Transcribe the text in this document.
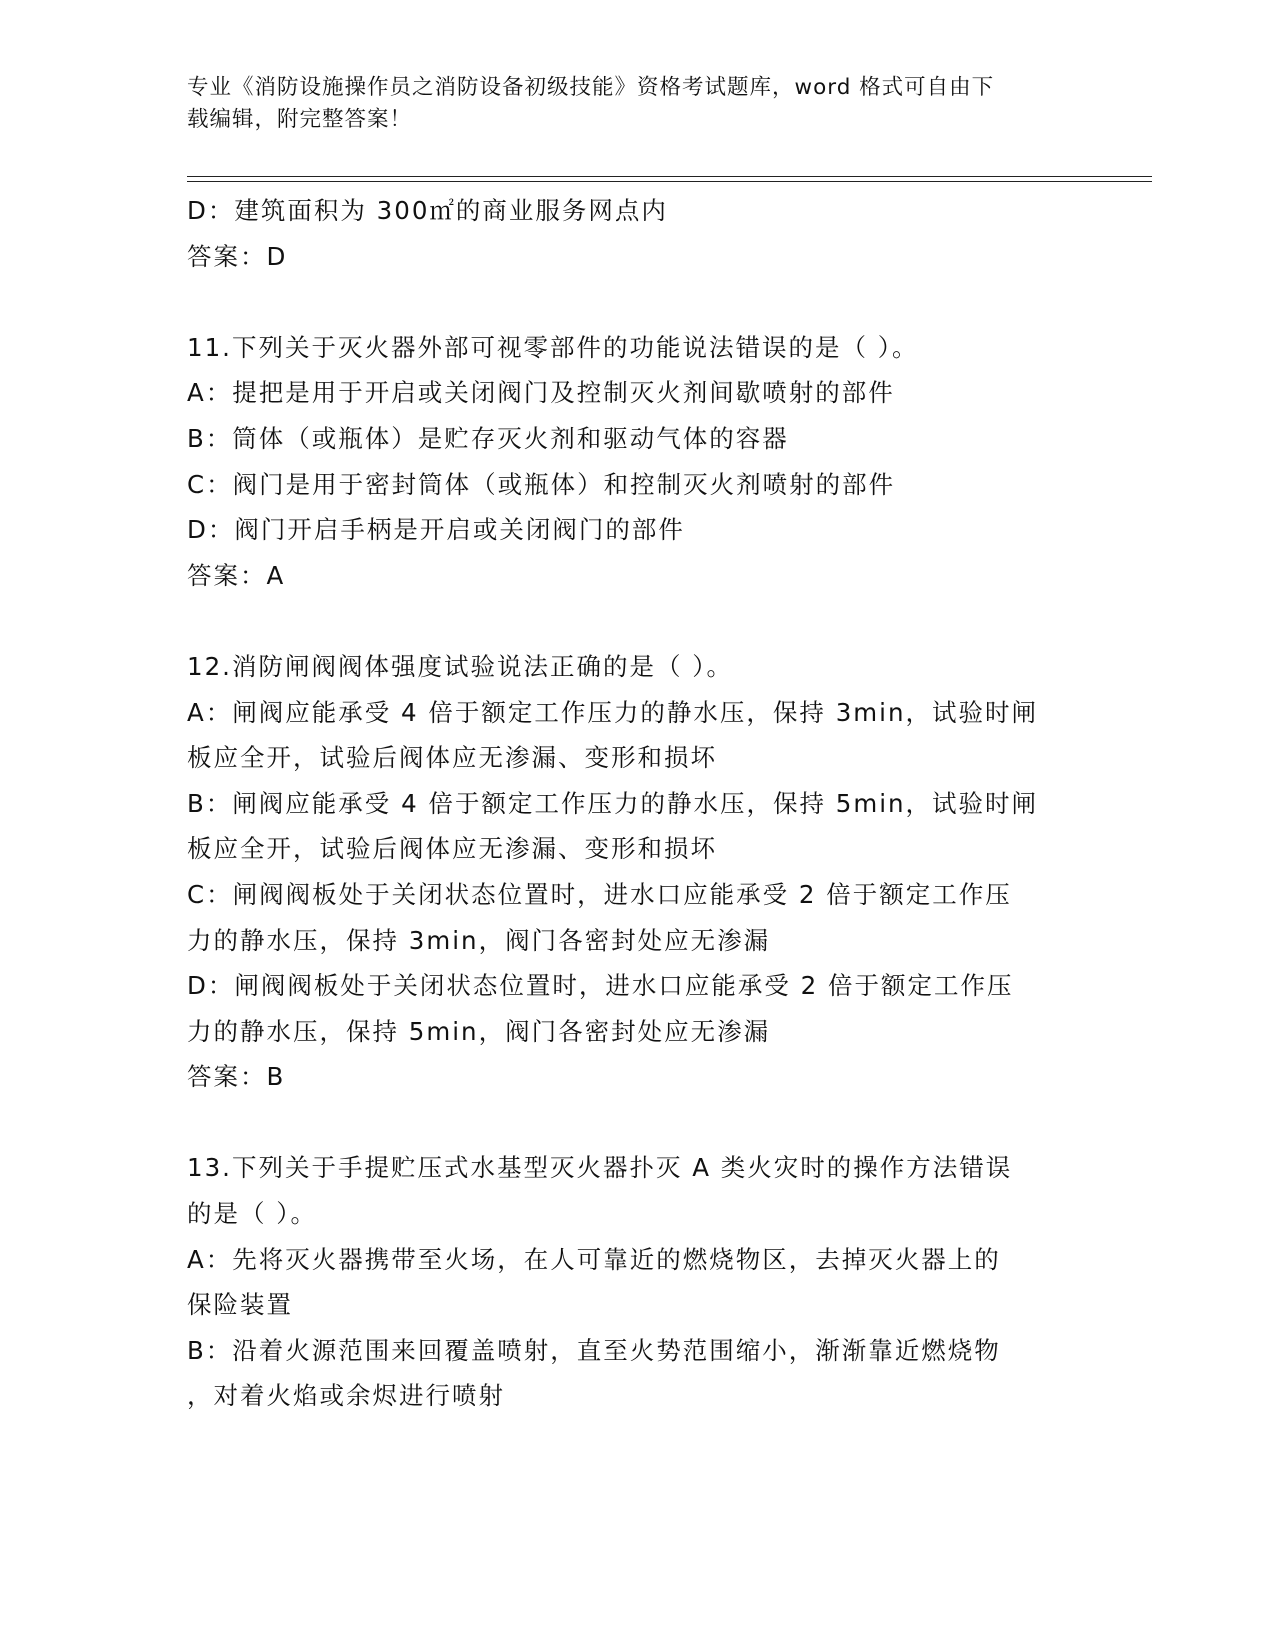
专业《消防设施操作员之消防设备初级技能》资格考试题库，word 格式可自由下
载编辑，附完整答案！
D：建筑面积为 300㎡的商业服务网点内
答案：D
11.下列关于灭火器外部可视零部件的功能说法错误的是（ ）。
A：提把是用于开启或关闭阀门及控制灭火剂间歇喷射的部件
B：筒体（或瓶体）是贮存灭火剂和驱动气体的容器
C：阀门是用于密封筒体（或瓶体）和控制灭火剂喷射的部件
D：阀门开启手柄是开启或关闭阀门的部件
答案：A
12.消防闸阀阀体强度试验说法正确的是（ ）。
A：闸阀应能承受 4 倍于额定工作压力的静水压，保持 3min，试验时闸
板应全开，试验后阀体应无渗漏、变形和损坏
B：闸阀应能承受 4 倍于额定工作压力的静水压，保持 5min，试验时闸
板应全开，试验后阀体应无渗漏、变形和损坏
C：闸阀阀板处于关闭状态位置时，进水口应能承受 2 倍于额定工作压
力的静水压，保持 3min，阀门各密封处应无渗漏
D：闸阀阀板处于关闭状态位置时，进水口应能承受 2 倍于额定工作压
力的静水压，保持 5min，阀门各密封处应无渗漏
答案：B
13.下列关于手提贮压式水基型灭火器扑灭 A 类火灾时的操作方法错误
的是（ ）。
A：先将灭火器携带至火场，在人可靠近的燃烧物区，去掉灭火器上的
保险装置
B：沿着火源范围来回覆盖喷射，直至火势范围缩小，渐渐靠近燃烧物
，对着火焰或余烬进行喷射
